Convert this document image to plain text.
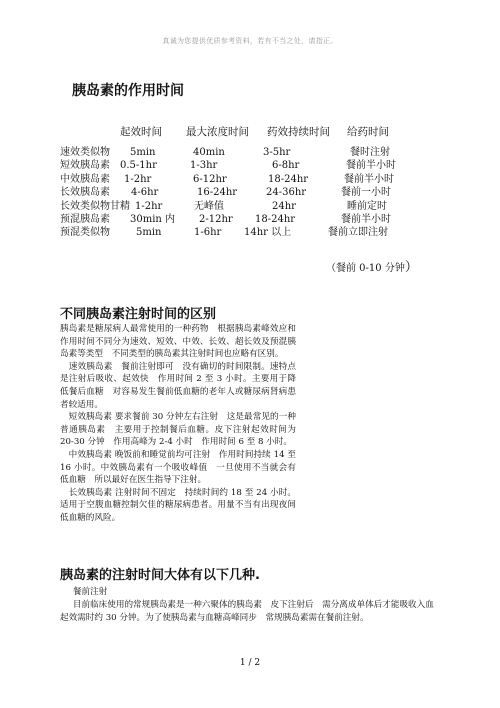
真诚为您提供优质参考资料，若有不当之处，请指正。
胰岛素的作用时间
起效时间 最大浓度时间 药效持续时间 给药时间
速效类似物 5min	40min	3-5hr	餐时注射
短效胰岛素 0.5-1hr	1-3hr	6-8hr	餐前半小时
中效胰岛素 1-2hr	6-12hr	18-24hr	餐前半小时
长效胰岛素 4-6hr	16-24hr	24-36hr	餐前一小时
长效类似物甘精 1-2hr	无峰值	24hr	睡前定时
预混胰岛素 30min 内 2-12hr 18-24hr	餐前半小时
预混类似物	5min	1-6hr 14hr 以上	餐前立即注射
（餐前 0-10 分钟）
不同胰岛素注射时间的区别

胰岛素是糖尿病人最常使用的一种药物　根据胰岛素峰效应和作用时间不同分为速效、短效、中效、长效、超长效及预混胰岛素等类型　不同类型的胰岛素其注射时间也应略有区别。

　速效胰岛素　餐前注射即可　没有确切的时间限制。速特点是注射后吸收、起效快　作用时间 2 至 3 小时。主要用于降低餐后血糖　对容易发生餐前低血糖的老年人或糖尿病肾病患者较适用。

　短效胰岛素 要求餐前 30 分钟左右注射　这是最常见的一种普通胰岛素　主要用于控制餐后血糖。皮下注射起效时间为 20-30 分钟　作用高峰为 2-4 小时　作用时间 6 至 8 小时。

　中效胰岛素 晚饭前和睡觉前均可注射　作用时间持续 14 至 16 小时。中效胰岛素有一个吸收峰值　一旦使用不当就会有低血糖　所以最好在医生指导下注射。

　长效胰岛素 注射时间不固定　持续时间约 18 至 24 小时。适用于空腹血糖控制欠佳的糖尿病患者。用量不当有出现夜间低血糖的风险。

胰岛素的注射时间大体有以下几种.

餐前注射

目前临床使用的常规胰岛素是一种六聚体的胰岛素　皮下注射后　需分离成单体后才能吸收入血　起效需时约 30 分钟。为了使胰岛素与血糖高峰同步　常规胰岛素需在餐前注射。

1 / 2
